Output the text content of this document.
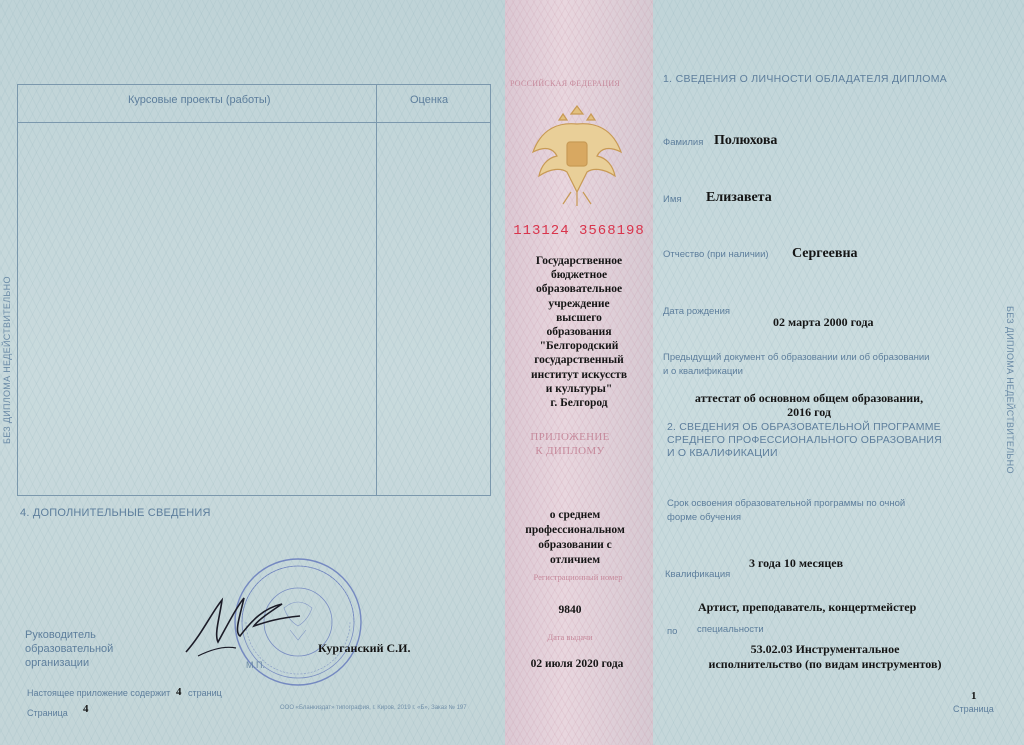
Курсовые проекты (работы)	Оценка
4. ДОПОЛНИТЕЛЬНЫЕ СВЕДЕНИЯ
Руководитель
образовательной
организации
Курганский С.И.
М.П.
Настоящее приложение содержит 4 страниц
Страница 4	ООО «Бланкиздат» типография, г. Киров, 2019 г. «Б», Заказ № 197
БЕЗ ДИПЛОМА НЕДЕЙСТВИТЕЛЬНО
РОССИЙСКАЯ ФЕДЕРАЦИЯ
113124 3568198
Государственное
бюджетное
образовательное
учреждение
высшего
образования
"Белгородский
государственный
институт искусств
и культуры"
г. Белгород
ПРИЛОЖЕНИЕ
К ДИПЛОМУ
о среднем
профессиональном
образовании с
отличием
Регистрационный номер
9840
Дата выдачи
02 июля 2020 года
1. СВЕДЕНИЯ О ЛИЧНОСТИ ОБЛАДАТЕЛЯ ДИПЛОМА
Фамилия Полюхова
Имя Елизавета
Отчество (при наличии) Сергеевна
Дата рождения
02 марта 2000 года
Предыдущий документ об образовании или об образовании
и о квалификации
аттестат об основном общем образовании,
2016 год
2. СВЕДЕНИЯ ОБ ОБРАЗОВАТЕЛЬНОЙ ПРОГРАММЕ
СРЕДНЕГО ПРОФЕССИОНАЛЬНОГО ОБРАЗОВАНИЯ
И О КВАЛИФИКАЦИИ
Срок освоения образовательной программы по очной
форме обучения
3 года 10 месяцев
Квалификация
Артист, преподаватель, концертмейстер
по специальности
53.02.03 Инструментальное
исполнительство (по видам инструментов)
1
Страница
БЕЗ ДИПЛОМА НЕДЕЙСТВИТЕЛЬНО
